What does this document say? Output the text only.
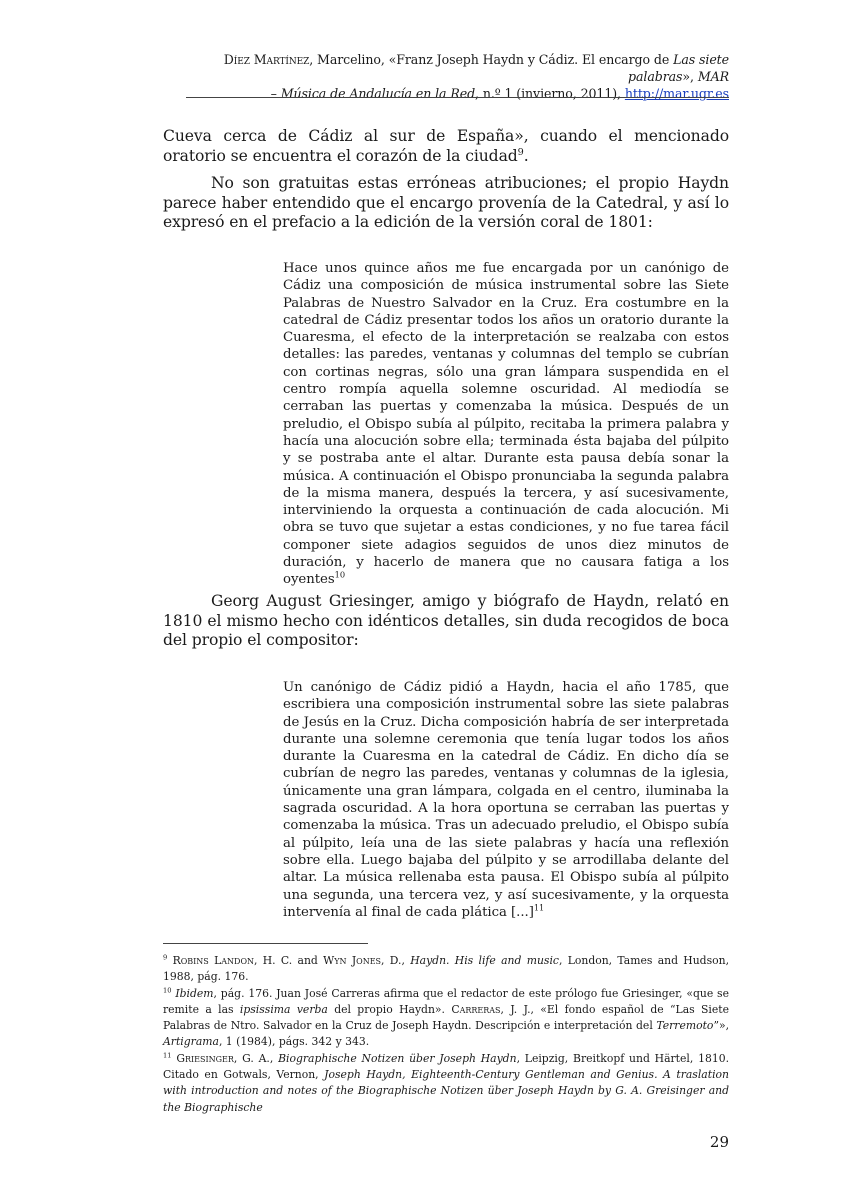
Díez Martínez, Marcelino, «Franz Joseph Haydn y Cádiz. El encargo de Las siete palabras», MAR
– Música de Andalucía en la Red, n.º 1 (invierno, 2011), http://mar.ugr.es

Cueva cerca de Cádiz al sur de España», cuando el mencionado oratorio se encuentra el corazón de la ciudad$^9$.

No son gratuitas estas erróneas atribuciones; el propio Haydn parece haber entendido que el encargo provenía de la Catedral, y así lo expresó en el prefacio a la edición de la versión coral de 1801:

Hace unos quince años me fue encargada por un canónigo de Cádiz una composición de música instrumental sobre las Siete Palabras de Nuestro Salvador en la Cruz. Era costumbre en la catedral de Cádiz presentar todos los años un oratorio durante la Cuaresma, el efecto de la interpretación se realzaba con estos detalles: las paredes, ventanas y columnas del templo se cubrían con cortinas negras, sólo una gran lámpara suspendida en el centro rompía aquella solemne oscuridad. Al mediodía se cerraban las puertas y comenzaba la música. Después de un preludio, el Obispo subía al púlpito, recitaba la primera palabra y hacía una alocución sobre ella; terminada ésta bajaba del púlpito y se postraba ante el altar. Durante esta pausa debía sonar la música. A continuación el Obispo pronunciaba la segunda palabra de la misma manera, después la tercera, y así sucesivamente, interviniendo la orquesta a continuación de cada alocución. Mi obra se tuvo que sujetar a estas condiciones, y no fue tarea fácil componer siete adagios seguidos de unos diez minutos de duración, y hacerlo de manera que no causara fatiga a los oyentes$^{10}$

Georg August Griesinger, amigo y biógrafo de Haydn, relató en 1810 el mismo hecho con idénticos detalles, sin duda recogidos de boca del propio el compositor:

Un canónigo de Cádiz pidió a Haydn, hacia el año 1785, que escribiera una composición instrumental sobre las siete palabras de Jesús en la Cruz. Dicha composición habría de ser interpretada durante una solemne ceremonia que tenía lugar todos los años durante la Cuaresma en la catedral de Cádiz. En dicho día se cubrían de negro las paredes, ventanas y columnas de la iglesia, únicamente una gran lámpara, colgada en el centro, iluminaba la sagrada oscuridad. A la hora oportuna se cerraban las puertas y comenzaba la música. Tras un adecuado preludio, el Obispo subía al púlpito, leía una de las siete palabras y hacía una reflexión sobre ella. Luego bajaba del púlpito y se arrodillaba delante del altar. La música rellenaba esta pausa. El Obispo subía al púlpito una segunda, una tercera vez, y así sucesivamente, y la orquesta intervenía al final de cada plática [...]$^{11}$

$^9$ Robins Landon, H. C. and Wyn Jones, D., Haydn. His life and music, London, Tames and Hudson, 1988, pág. 176.

$^{10}$ Ibidem, pág. 176. Juan José Carreras afirma que el redactor de este prólogo fue Griesinger, «que se remite a las ipsissima verba del propio Haydn». Carreras, J. J., «El fondo español de “Las Siete Palabras de Ntro. Salvador en la Cruz de Joseph Haydn. Descripción e interpretación del Terremoto”», Artigrama, 1 (1984), págs. 342 y 343.

$^{11}$ Griesinger, G. A., Biographische Notizen über Joseph Haydn, Leipzig, Breitkopf und Härtel, 1810. Citado en Gotwals, Vernon, Joseph Haydn, Eighteenth-Century Gentleman and Genius. A traslation with introduction and notes of the Biographische Notizen über Joseph Haydn by G. A. Greisinger and the Biographische

29
